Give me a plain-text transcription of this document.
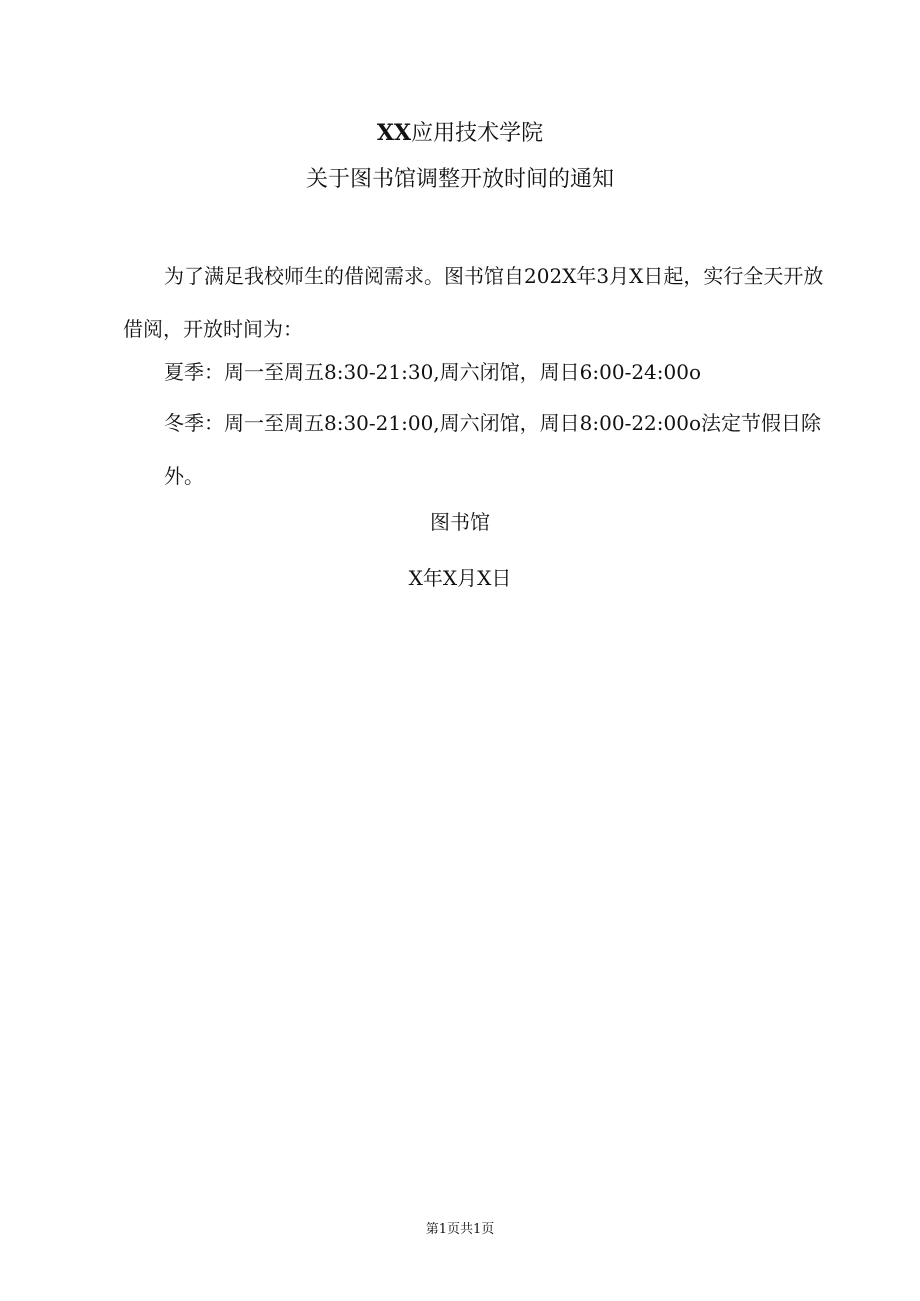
XX应用技术学院
关于图书馆调整开放时间的通知
为了满足我校师生的借阅需求。图书馆自202X年3月X日起，实行全天开放借阅，开放时间为：
夏季：周一至周五8:30-21:30,周六闭馆，周日6:00-24:00o
冬季：周一至周五8:30-21:00,周六闭馆，周日8:00-22:00o法定节假日除外。
图书馆
X年X月X日
第1页共1页
